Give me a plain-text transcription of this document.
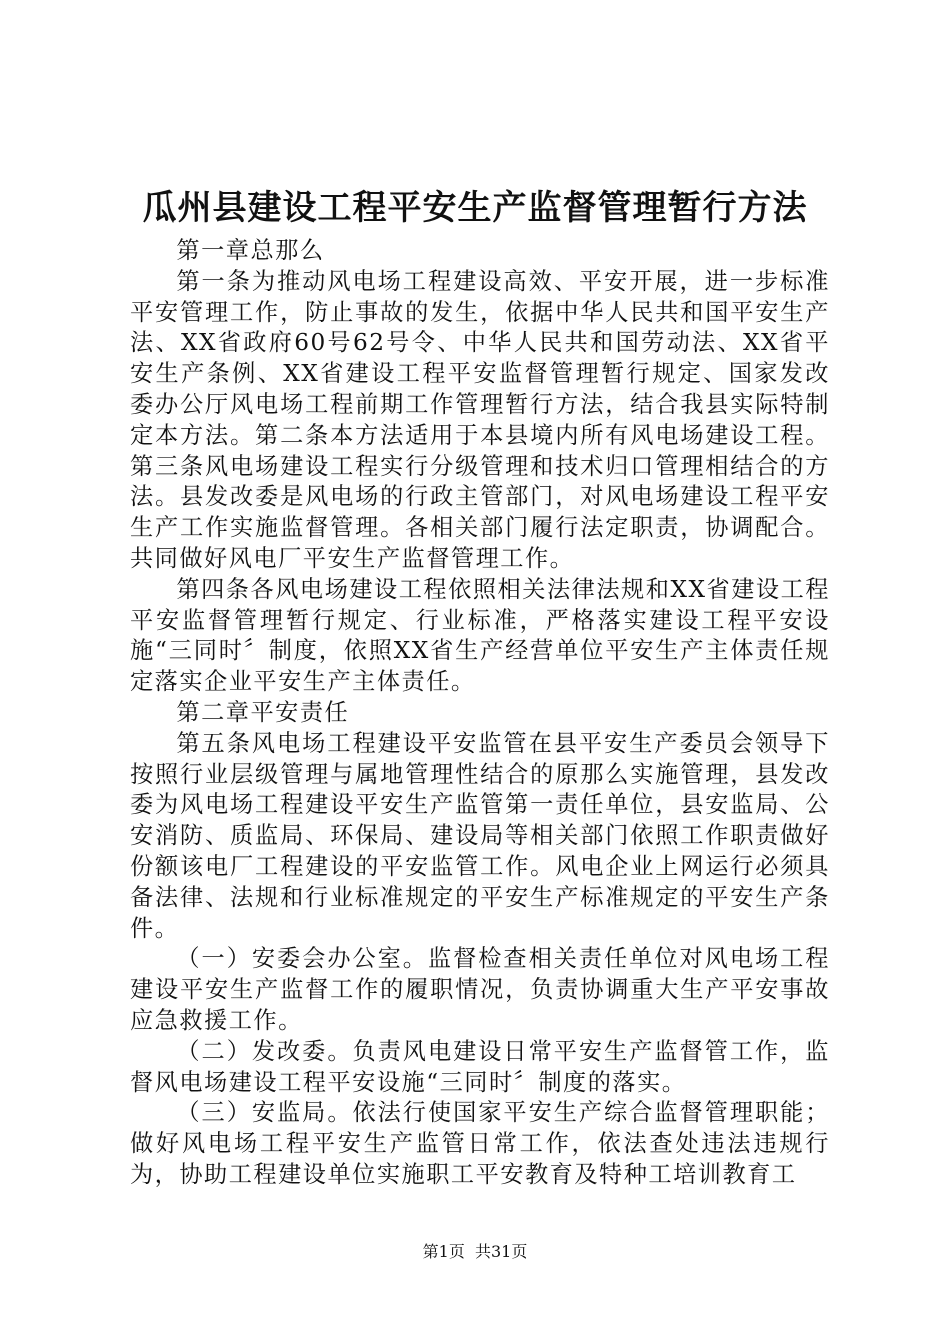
瓜州县建设工程平安生产监督管理暂行方法

第一章总那么

第一条为推动风电场工程建设高效、平安开展，进一步标准平安管理工作，防止事故的发生，依据中华人民共和国平安生产法、XX省政府60号62号令、中华人民共和国劳动法、XX省平安生产条例、XX省建设工程平安监督管理暂行规定、国家发改委办公厅风电场工程前期工作管理暂行方法，结合我县实际特制定本方法。第二条本方法适用于本县境内所有风电场建设工程。第三条风电场建设工程实行分级管理和技术归口管理相结合的方法。县发改委是风电场的行政主管部门，对风电场建设工程平安生产工作实施监督管理。各相关部门履行法定职责，协调配合。共同做好风电厂平安生产监督管理工作。

第四条各风电场建设工程依照相关法律法规和XX省建设工程平安监督管理暂行规定、行业标准，严格落实建设工程平安设施“三同时〞制度，依照XX省生产经营单位平安生产主体责任规定落实企业平安生产主体责任。

第二章平安责任

第五条风电场工程建设平安监管在县平安生产委员会领导下按照行业层级管理与属地管理性结合的原那么实施管理，县发改委为风电场工程建设平安生产监管第一责任单位，县安监局、公安消防、质监局、环保局、建设局等相关部门依照工作职责做好份额该电厂工程建设的平安监管工作。风电企业上网运行必须具备法律、法规和行业标准规定的平安生产标准规定的平安生产条件。

（一）安委会办公室。监督检查相关责任单位对风电场工程建设平安生产监督工作的履职情况，负责协调重大生产平安事故应急救援工作。

（二）发改委。负责风电建设日常平安生产监督管工作，监督风电场建设工程平安设施“三同时〞制度的落实。

（三）安监局。依法行使国家平安生产综合监督管理职能；做好风电场工程平安生产监管日常工作，依法查处违法违规行为，协助工程建设单位实施职工平安教育及特种工培训教育工

第1页  共31页
